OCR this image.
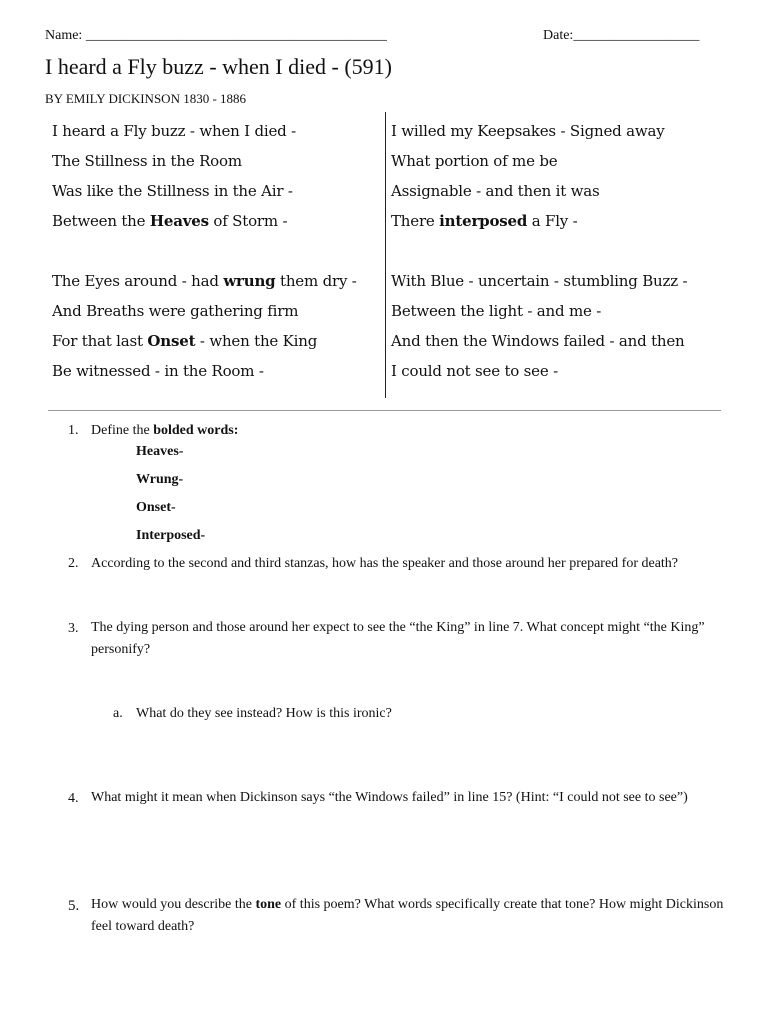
Name: ___________________________________________	Date:__________________
I heard a Fly buzz - when I died - (591)
BY EMILY DICKINSON 1830 - 1886
I heard a Fly buzz - when I died -
The Stillness in the Room
Was like the Stillness in the Air -
Between the Heaves of Storm -
The Eyes around - had wrung them dry -
And Breaths were gathering firm
For that last Onset - when the King
Be witnessed - in the Room -
I willed my Keepsakes - Signed away
What portion of me be
Assignable - and then it was
There interposed a Fly -
With Blue - uncertain - stumbling Buzz -
Between the light - and me -
And then the Windows failed - and then
I could not see to see -
1. Define the bolded words:
Heaves-
Wrung-
Onset-
Interposed-
2. According to the second and third stanzas, how has the speaker and those around her prepared for death?
3. The dying person and those around her expect to see the “the King” in line 7. What concept might “the King” personify?
a. What do they see instead? How is this ironic?
4. What might it mean when Dickinson says “the Windows failed” in line 15? (Hint: “I could not see to see”)
5. How would you describe the tone of this poem? What words specifically create that tone? How might Dickinson feel toward death?
